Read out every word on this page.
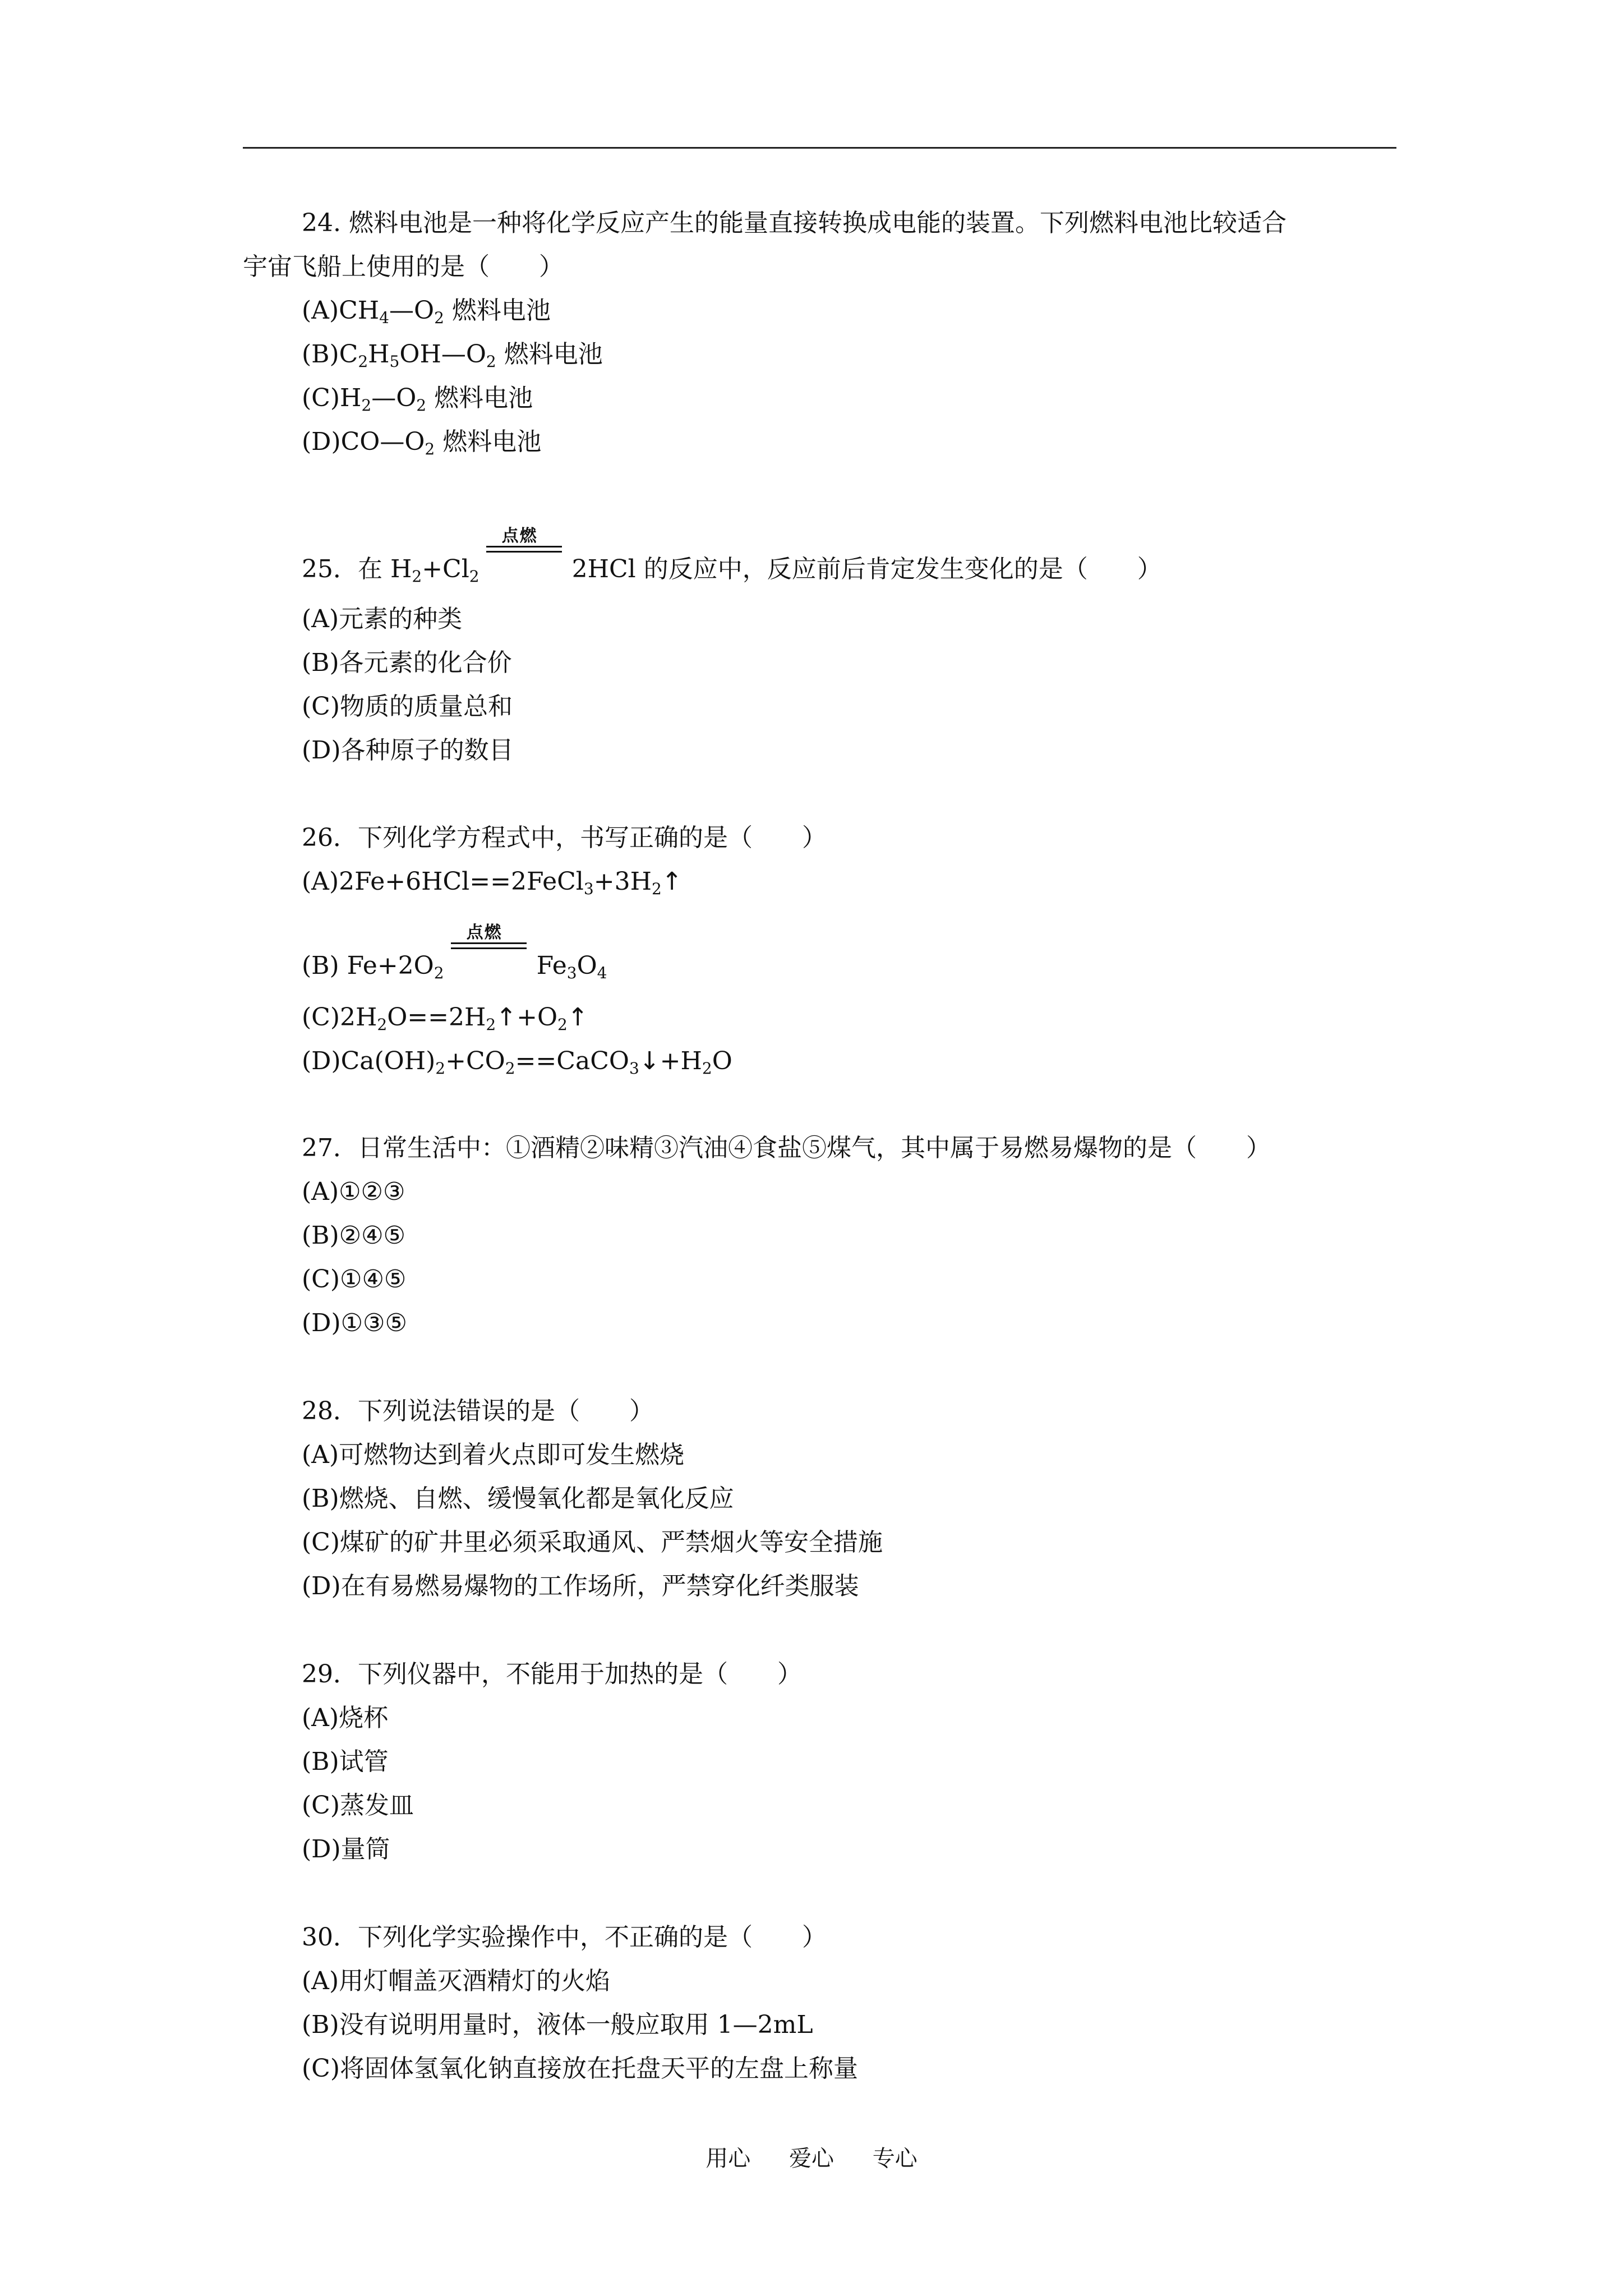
24. 燃料电池是一种将化学反应产生的能量直接转换成电能的装置。下列燃料电池比较适合
宇宙飞船上使用的是（　　）
$(A)CH_4—O_2$ 燃料电池
$(B)C_2H_5OH—O_2$ 燃料电池
$(C)H_2—O_2$ 燃料电池
$(D)CO—O_2$ 燃料电池
25．在 $H_2+Cl_2$
点燃
2HCl 的反应中，反应前后肯定发生变化的是（　　）
(A)元素的种类
(B)各元素的化合价
(C)物质的质量总和
(D)各种原子的数目
26．下列化学方程式中，书写正确的是（　　）
$(A)2Fe+6HCl==2FeCl_3+3H_2↑$
(B) $Fe+2O_2$
点燃
$Fe_3O_4$
$(C)2H_2O==2H_2↑+O_2↑$
$(D)Ca(OH)_2+CO_2==CaCO_3↓+H_2O$
27．日常生活中：①酒精②味精③汽油④食盐⑤煤气，其中属于易燃易爆物的是（　　）
(A)①②③
(B)②④⑤
(C)①④⑤
(D)①③⑤
28．下列说法错误的是（　　）
(A)可燃物达到着火点即可发生燃烧
(B)燃烧、自燃、缓慢氧化都是氧化反应
(C)煤矿的矿井里必须采取通风、严禁烟火等安全措施
(D)在有易燃易爆物的工作场所，严禁穿化纤类服装
29．下列仪器中，不能用于加热的是（　　）
(A)烧杯
(B)试管
(C)蒸发皿
(D)量筒
30．下列化学实验操作中，不正确的是（　　）
(A)用灯帽盖灭酒精灯的火焰
(B)没有说明用量时，液体一般应取用 1—2mL
(C)将固体氢氧化钠直接放在托盘天平的左盘上称量
用心 爱心 专心
